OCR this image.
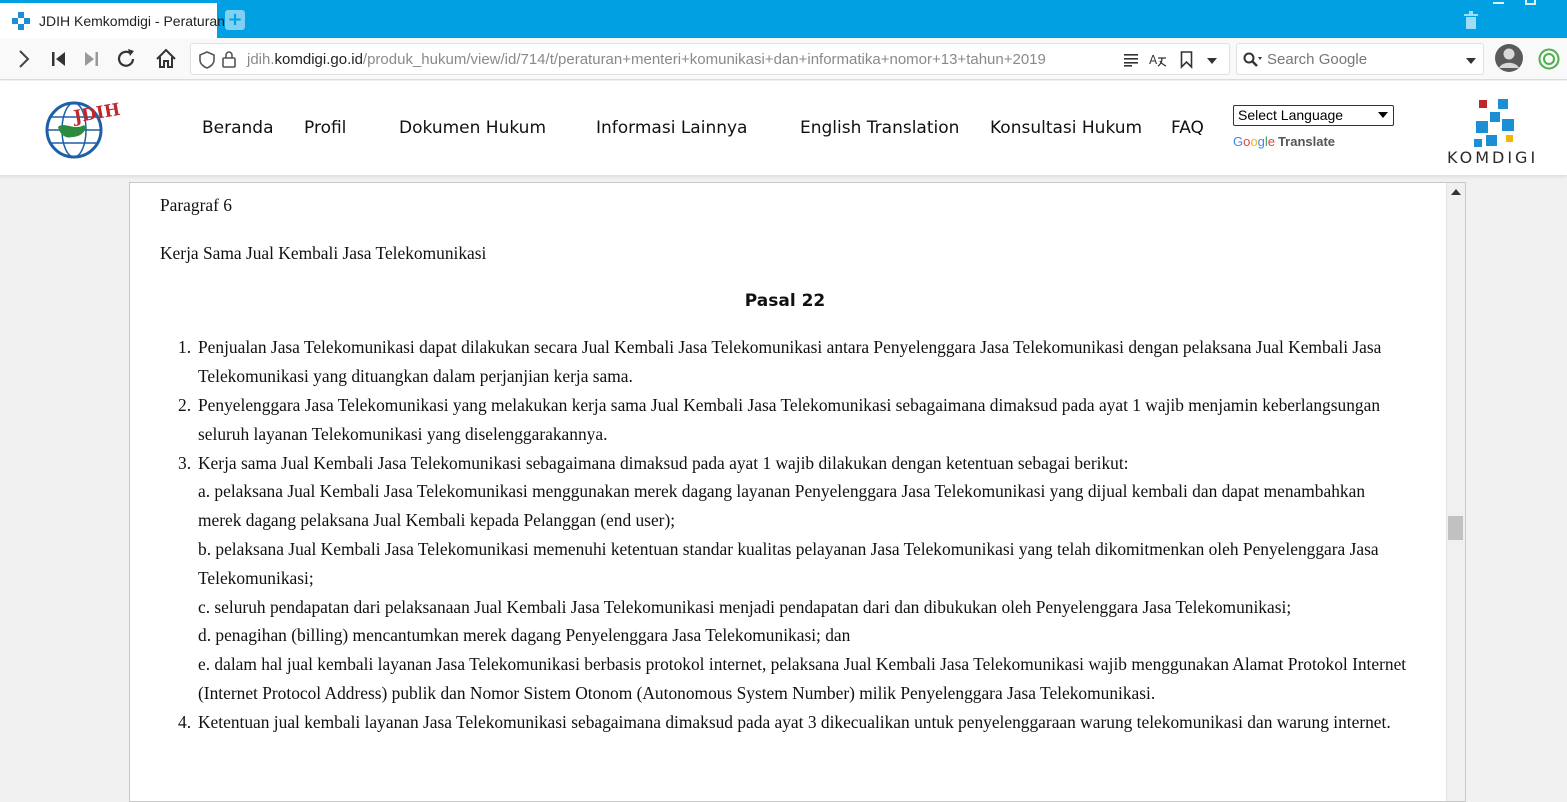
JDIH Kemkomdigi - Peraturan +
jdih.komdigi.go.id/produk_hukum/view/id/714/t/peraturan+menteri+komunikasi+dan+informatika+nomor+13+tahun+2019	A	Search Google
JDIH
Beranda Profil	Dokumen Hukum	Informasi Lainnya	English Translation Konsultasi Hukum FAQ
Select Language
Google Translate
KOMDIGI
Paragraf 6
Kerja Sama Jual Kembali Jasa Telekomunikasi
Pasal 22
1. Penjualan Jasa Telekomunikasi dapat dilakukan secara Jual Kembali Jasa Telekomunikasi antara Penyelenggara Jasa Telekomunikasi dengan pelaksana Jual Kembali Jasa Telekomunikasi yang dituangkan dalam perjanjian kerja sama.
2. Penyelenggara Jasa Telekomunikasi yang melakukan kerja sama Jual Kembali Jasa Telekomunikasi sebagaimana dimaksud pada ayat 1 wajib menjamin keberlangsungan seluruh layanan Telekomunikasi yang diselenggarakannya.
3. Kerja sama Jual Kembali Jasa Telekomunikasi sebagaimana dimaksud pada ayat 1 wajib dilakukan dengan ketentuan sebagai berikut:
a. pelaksana Jual Kembali Jasa Telekomunikasi menggunakan merek dagang layanan Penyelenggara Jasa Telekomunikasi yang dijual kembali dan dapat menambahkan merek dagang pelaksana Jual Kembali kepada Pelanggan (end user);
b. pelaksana Jual Kembali Jasa Telekomunikasi memenuhi ketentuan standar kualitas pelayanan Jasa Telekomunikasi yang telah dikomitmenkan oleh Penyelenggara Jasa Telekomunikasi;
c. seluruh pendapatan dari pelaksanaan Jual Kembali Jasa Telekomunikasi menjadi pendapatan dari dan dibukukan oleh Penyelenggara Jasa Telekomunikasi;
d. penagihan (billing) mencantumkan merek dagang Penyelenggara Jasa Telekomunikasi; dan
e. dalam hal jual kembali layanan Jasa Telekomunikasi berbasis protokol internet, pelaksana Jual Kembali Jasa Telekomunikasi wajib menggunakan Alamat Protokol Internet (Internet Protocol Address) publik dan Nomor Sistem Otonom (Autonomous System Number) milik Penyelenggara Jasa Telekomunikasi.
4. Ketentuan jual kembali layanan Jasa Telekomunikasi sebagaimana dimaksud pada ayat 3 dikecualikan untuk penyelenggaraan warung telekomunikasi dan warung internet.
